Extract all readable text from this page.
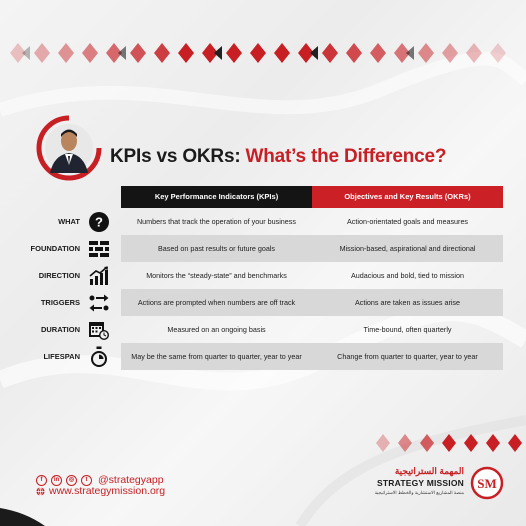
KPIs vs OKRs: What’s the Difference?
Key Performance Indicators (KPIs)	Objectives and Key Results (OKRs)
WHAT ?	Numbers that track the operation of your business	Action-orientated goals and measures
FOUNDATION	Based on past results or future goals	Mission-based, aspirational and directional
DIRECTION	Monitors the “steady-state” and benchmarks	Audacious and bold, tied to mission
TRIGGERS	Actions are prompted when numbers are off track	Actions are taken as issues arise
DURATION	Measured on an ongoing basis	Time-bound, often quarterly
LIFESPAN	May be the same from quarter to quarter, year to year	Change from quarter to quarter, year to year
f	in	◎	t	@strategyapp
www.strategymission.org
المهمة الستراتيجية
STRATEGY MISSION
منصة المشاريع الاستشارية والخطط الاستراتيجية
SM
